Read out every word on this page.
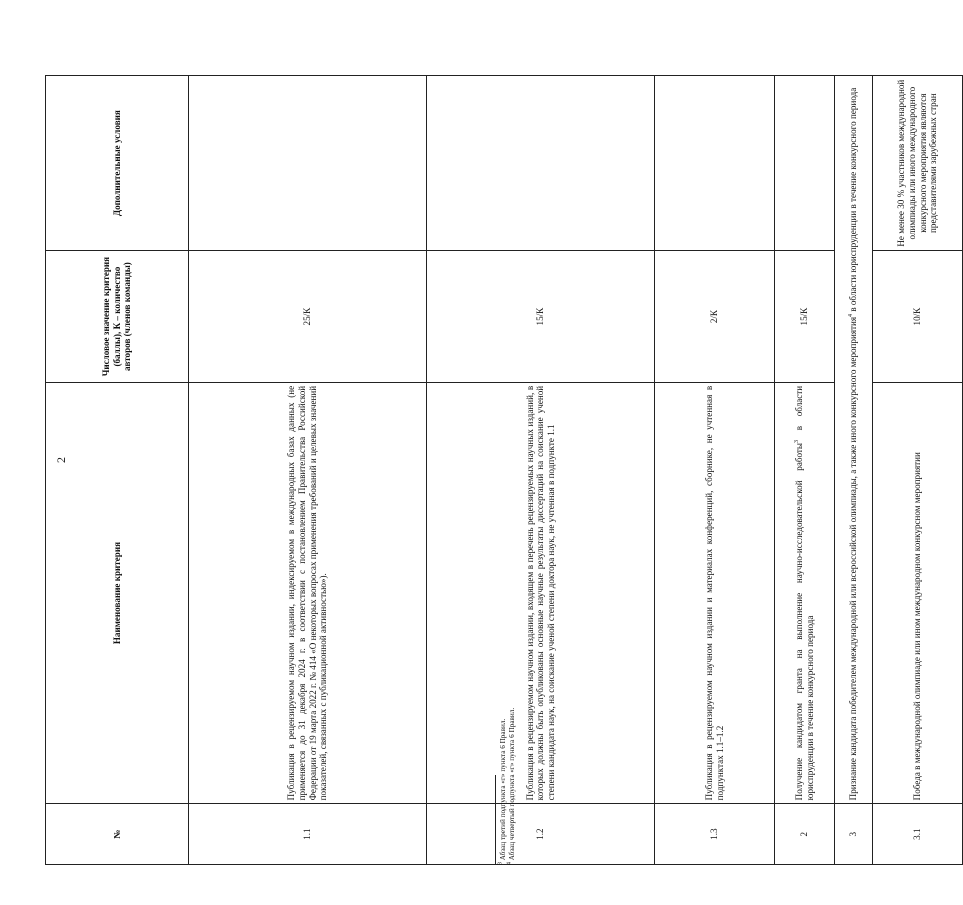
2
№	Наименование критерия	Числовое значение критерия (баллы), К – количество авторов (членов команды)	Дополнительные условия
1.1	Публикация в рецензируемом научном издании, индексируемом в международных базах данных (не применяется до 31 декабря 2024 г. в соответствии с постановлением Правительства Российской Федерации от 19 марта 2022 г. № 414 «О некоторых вопросах применения требований и целевых значений показателей, связанных с публикационной активностью»).	25/К	
1.2	Публикация в рецензируемом научном издании, входящем в перечень рецензируемых научных изданий, в которых должны быть опубликованы основные научные результаты диссертаций на соискание ученой степени кандидата наук, на соискание ученой степени доктора наук, не учтенная в подпункте 1.1	15/К	
1.3	Публикация в рецензируемом научном издании и материалах конференций, сборнике, не учтенная в подпунктах 1.1–1.2	2/К	
2	Получение кандидатом гранта на выполнение научно-исследовательской работы$^3$ в области юриспруденции в течение конкурсного периода	15/К	
3	Признание кандидата победителем международной или всероссийской олимпиады, а также иного конкурсного мероприятия$^4$ в области юриспруденции в течение конкурсного периода		
3.1	Победа в международной олимпиаде или ином международном конкурсном мероприятии	10/К	Не менее 30 % участников международной олимпиады или иного международного конкурсного мероприятия являются представителями зарубежных стран
$^3$ Абзац третий подпункта «г» пункта 6 Правил.
$^4$ Абзац четвертый подпункта «г» пункта 6 Правил.
